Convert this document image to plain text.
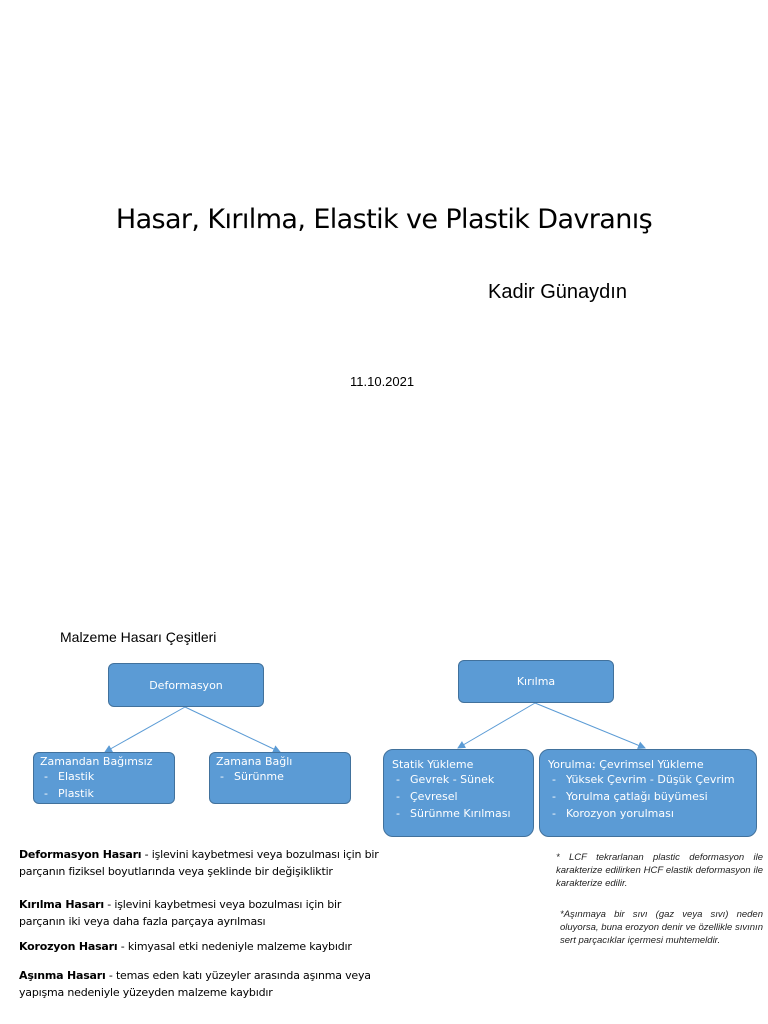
Hasar, Kırılma, Elastik ve Plastik Davranış
Kadir Günaydın
11.10.2021
Malzeme Hasarı Çeşitleri
Deformasyon	Kırılma
Zamandan Bağımsız
- Elastik
- Plastik
Zamana Bağlı
- Sürünme
Statik Yükleme
- Gevrek - Sünek
- Çevresel
- Sürünme Kırılması
Yorulma: Çevrimsel Yükleme
- Yüksek Çevrim - Düşük Çevrim
- Yorulma çatlağı büyümesi
- Korozyon yorulması
Deformasyon Hasarı - işlevini kaybetmesi veya bozulması için bir parçanın fiziksel boyutlarında veya şeklinde bir değişikliktir
Kırılma Hasarı - işlevini kaybetmesi veya bozulması için bir parçanın iki veya daha fazla parçaya ayrılması
Korozyon Hasarı - kimyasal etki nedeniyle malzeme kaybıdır
Aşınma Hasarı - temas eden katı yüzeyler arasında aşınma veya yapışma nedeniyle yüzeyden malzeme kaybıdır
* LCF tekrarlanan plastic deformasyon ile karakterize edilirken HCF elastik deformasyon ile karakterize edilir.
*Aşınmaya bir sıvı (gaz veya sıvı) neden oluyorsa, buna erozyon denir ve özellikle sıvının sert parçacıklar içermesi muhtemeldir.
